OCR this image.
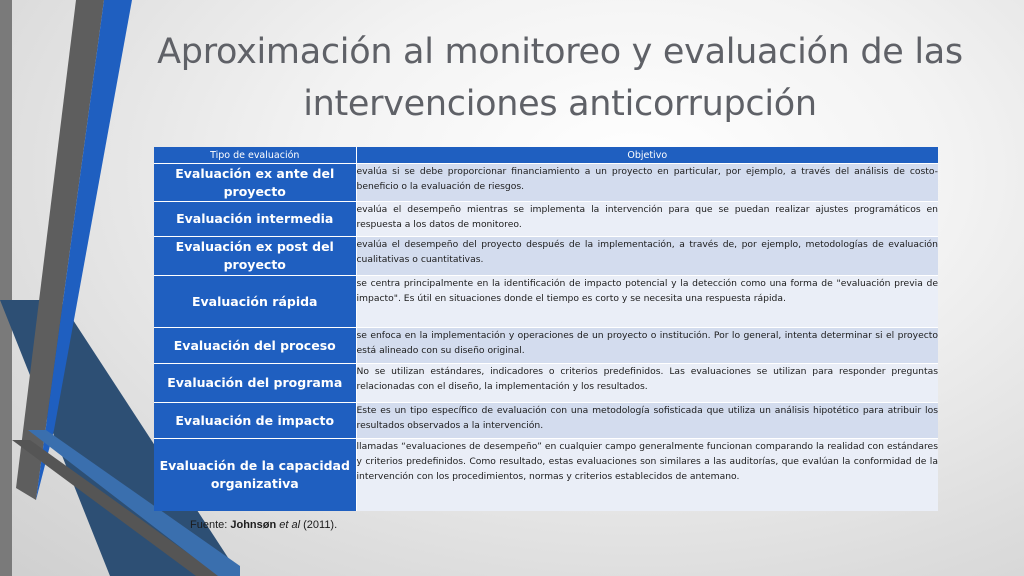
Aproximación al monitoreo y evaluación de las intervenciones anticorrupción
Tipo de evaluación	Objetivo
Evaluación ex ante del proyecto	evalúa si se debe proporcionar financiamiento a un proyecto en particular, por ejemplo, a través del análisis de costo-beneficio o la evaluación de riesgos.
Evaluación intermedia	evalúa el desempeño mientras se implementa la intervención para que se puedan realizar ajustes programáticos en respuesta a los datos de monitoreo.
Evaluación ex post del proyecto	evalúa el desempeño del proyecto después de la implementación, a través de, por ejemplo, metodologías de evaluación cualitativas o cuantitativas.
Evaluación rápida	se centra principalmente en la identificación de impacto potencial y la detección como una forma de "evaluación previa de impacto". Es útil en situaciones donde el tiempo es corto y se necesita una respuesta rápida.
Evaluación del proceso	se enfoca en la implementación y operaciones de un proyecto o institución. Por lo general, intenta determinar si el proyecto está alineado con su diseño original.
Evaluación del programa	No se utilizan estándares, indicadores o criterios predefinidos. Las evaluaciones se utilizan para responder preguntas relacionadas con el diseño, la implementación y los resultados.
Evaluación de impacto	Este es un tipo específico de evaluación con una metodología sofisticada que utiliza un análisis hipotético para atribuir los resultados observados a la intervención.
Evaluación de la capacidad organizativa	llamadas “evaluaciones de desempeño” en cualquier campo generalmente funcionan comparando la realidad con estándares y criterios predefinidos. Como resultado, estas evaluaciones son similares a las auditorías, que evalúan la conformidad de la intervención con los procedimientos, normas y criterios establecidos de antemano.
Fuente: Johnsøn et al (2011).
